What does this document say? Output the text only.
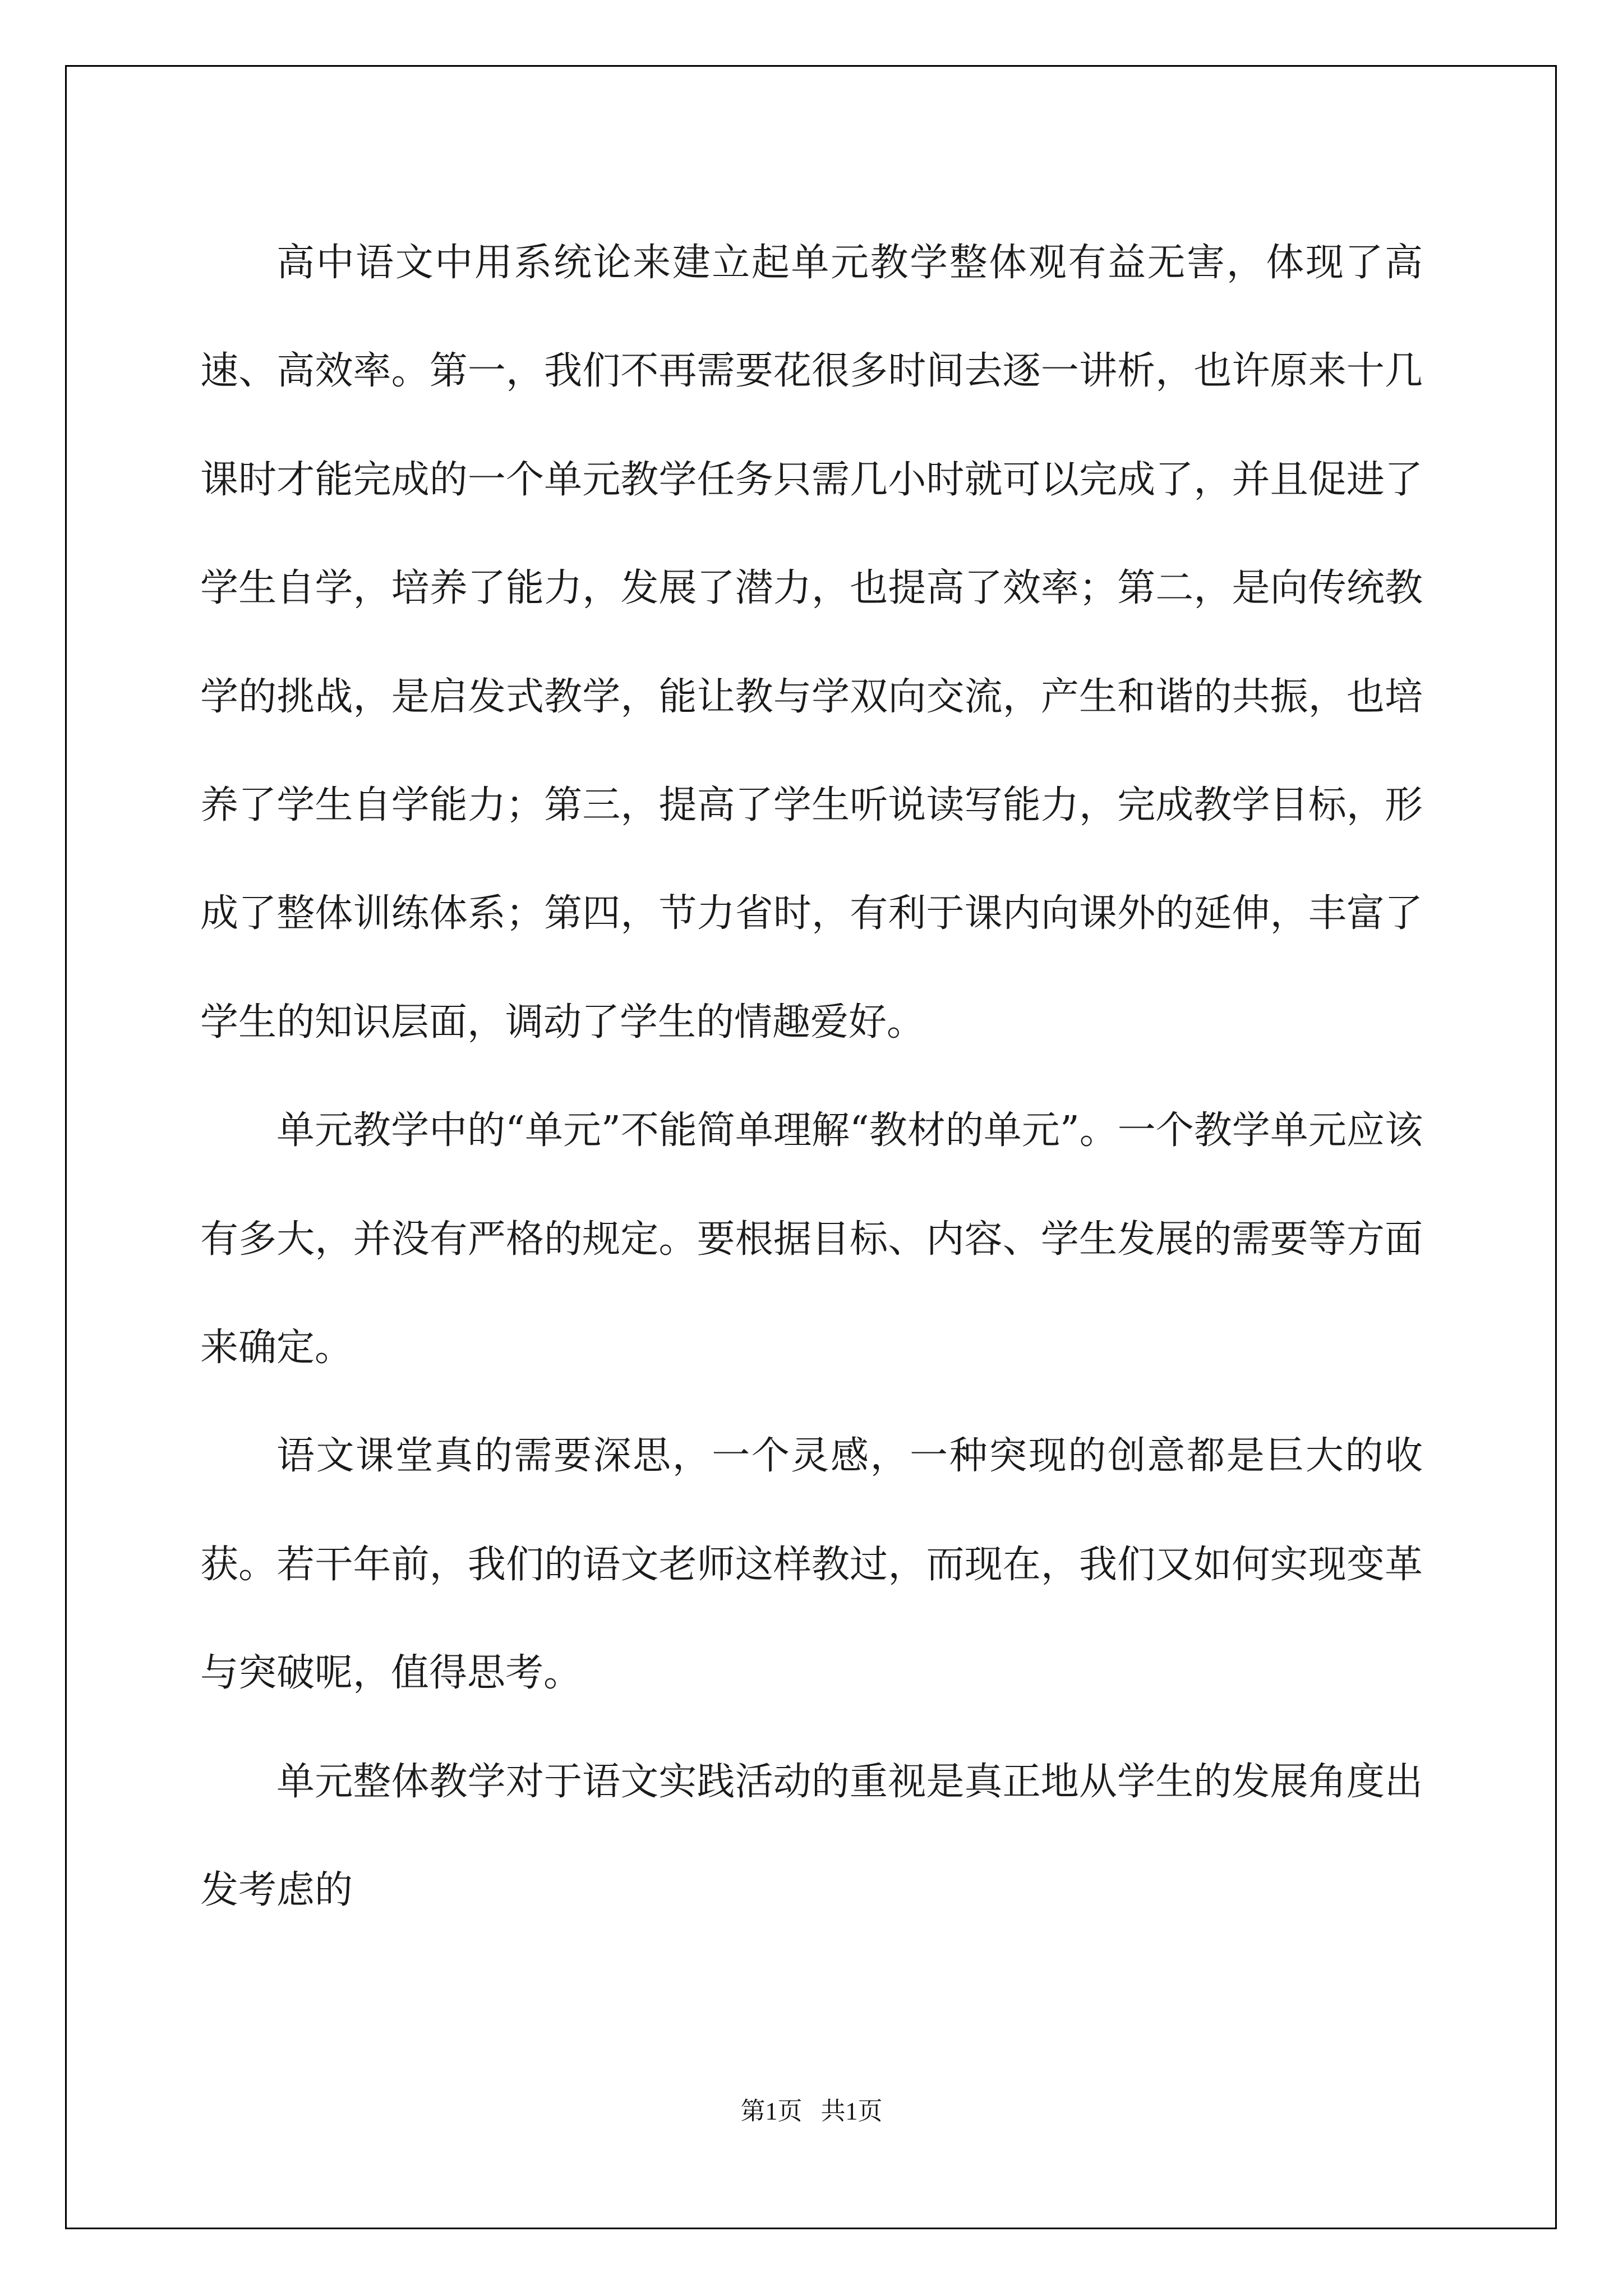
高中语文中用系统论来建立起单元教学整体观有益无害，体现了高速、高效率。第一，我们不再需要花很多时间去逐一讲析，也许原来十几课时才能完成的一个单元教学任务只需几小时就可以完成了，并且促进了学生自学，培养了能力，发展了潜力，也提高了效率；第二，是向传统教学的挑战，是启发式教学，能让教与学双向交流，产生和谐的共振，也培养了学生自学能力；第三，提高了学生听说读写能力，完成教学目标，形成了整体训练体系；第四，节力省时，有利于课内向课外的延伸，丰富了学生的知识层面，调动了学生的情趣爱好。

单元教学中的“单元”不能简单理解“教材的单元”。一个教学单元应该有多大，并没有严格的规定。要根据目标、内容、学生发展的需要等方面来确定。

语文课堂真的需要深思，一个灵感，一种突现的创意都是巨大的收获。若干年前，我们的语文老师这样教过，而现在，我们又如何实现变革与突破呢，值得思考。

单元整体教学对于语文实践活动的重视是真正地从学生的发展角度出发考虑的

第1页   共1页
